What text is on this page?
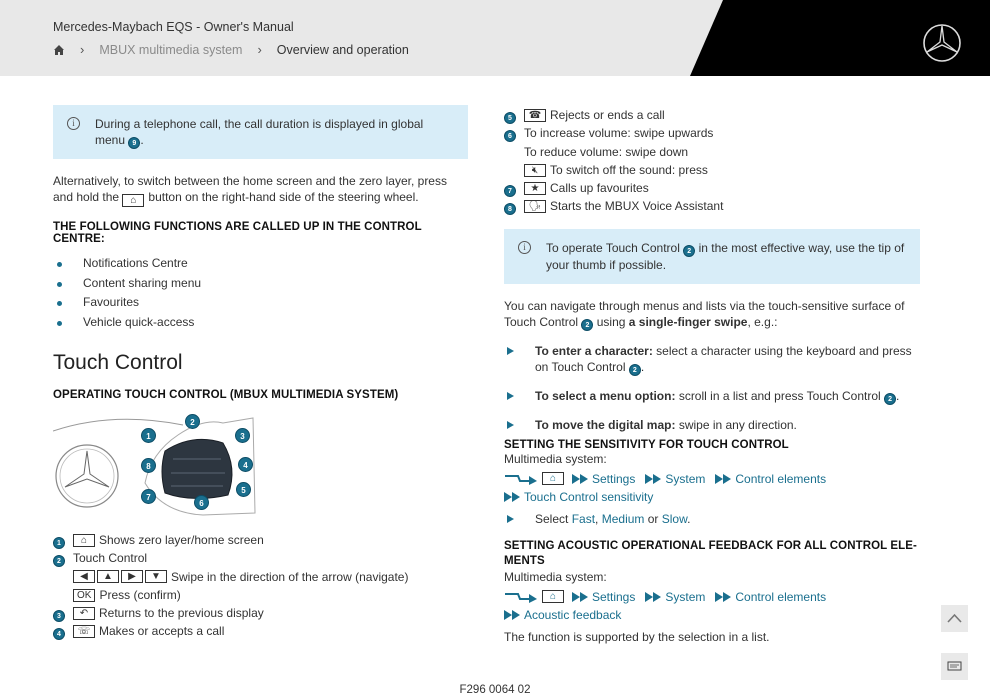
Mercedes-Maybach EQS - Owner's Manual
› MBUX multimedia system › Overview and operation
i	During a telephone call, the call duration is displayed in global menu 9 .

Alternatively, to switch between the home screen and the zero layer, press and hold the ⌂ button on the right-hand side of the steering wheel.

THE FOLLOWING FUNCTIONS ARE CALLED UP IN THE CONTROL CENTRE:
Notifications Centre
Content sharing menu
Favourites
Vehicle quick-access
Touch Control
OPERATING TOUCH CONTROL (MBUX MULTIMEDIA SYSTEM)
1	⌂ Shows zero layer/home screen
2	Touch Control
◀	▲	▶	▼ Swipe in the direction of the arrow (navigate)
OK Press (confirm)
3	↶ Returns to the previous display
4	☏ Makes or accepts a call
2
1	3
8	4
5
7
6
5	☎ Rejects or ends a call
6	To increase volume: swipe upwards
To reduce volume: swipe down
🔇︎ To switch off the sound: press
7	★ Calls up favourites
8	🗣︎ Starts the MBUX Voice Assistant
i	To operate Touch Control 2 in the most effective way, use the tip of your thumb if possible.

You can navigate through menus and lists via the touch-sensitive surface of Touch Control 2 using a single-finger swipe, e.g.:

To enter a character: select a character using the keyboard and press on Touch Control 2 .
To select a menu option: scroll in a list and press Touch Control 2 .
To move the digital map: swipe in any direction.
SETTING THE SENSITIVITY FOR TOUCH CONTROL
Multimedia system:
⌂	Settings	System	Control elements
Touch Control sensitivity
Select Fast, Medium or Slow.
SETTING ACOUSTIC OPERATIONAL FEEDBACK FOR ALL CONTROL ELE-MENTS
Multimedia system:
⌂	Settings	System	Control elements
Acoustic feedback
The function is supported by the selection in a list.
F296 0064 02
